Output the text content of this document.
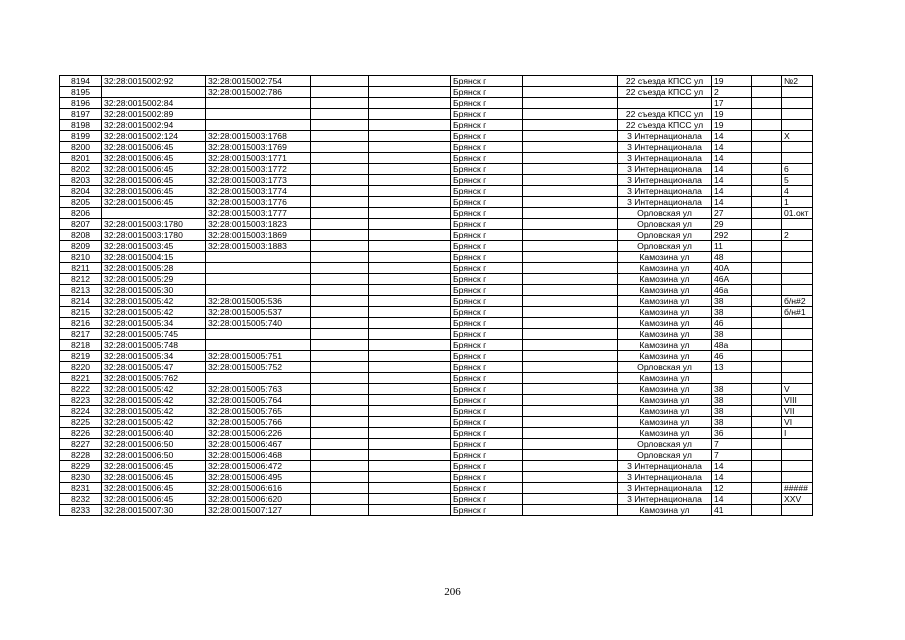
8194	32:28:0015002:92	32:28:0015002:754			Брянск г		22 съезда КПСС ул	19		№2
8195		32:28:0015002:786			Брянск г		22 съезда КПСС ул	2		
8196	32:28:0015002:84				Брянск г			17		
8197	32:28:0015002:89				Брянск г		22 съезда КПСС ул	19		
8198	32:28:0015002:94				Брянск г		22 съезда КПСС ул	19		
8199	32:28:0015002:124	32:28:0015003:1768			Брянск г		3 Интернационала	14		X
8200	32:28:0015006:45	32:28:0015003:1769			Брянск г		3 Интернационала	14		
8201	32:28:0015006:45	32:28:0015003:1771			Брянск г		3 Интернационала	14		
8202	32:28:0015006:45	32:28:0015003:1772			Брянск г		3 Интернационала	14		6
8203	32:28:0015006:45	32:28:0015003:1773			Брянск г		3 Интернационала	14		5
8204	32:28:0015006:45	32:28:0015003:1774			Брянск г		3 Интернационала	14		4
8205	32:28:0015006:45	32:28:0015003:1776			Брянск г		3 Интернационала	14		1
8206		32:28:0015003:1777			Брянск г		Орловская ул	27		01.окт
8207	32:28:0015003:1780	32:28:0015003:1823			Брянск г		Орловская ул	29		
8208	32:28:0015003:1780	32:28:0015003:1869			Брянск г		Орловская ул	292		2
8209	32:28:0015003:45	32:28:0015003:1883			Брянск г		Орловская ул	11		
8210	32:28:0015004:15				Брянск г		Камозина ул	48		
8211	32:28:0015005:28				Брянск г		Камозина ул	40А		
8212	32:28:0015005:29				Брянск г		Камозина ул	46А		
8213	32:28:0015005:30				Брянск г		Камозина ул	46а		
8214	32:28:0015005:42	32:28:0015005:536			Брянск г		Камозина ул	38		б/н#2
8215	32:28:0015005:42	32:28:0015005:537			Брянск г		Камозина ул	38		б/н#1
8216	32:28:0015005:34	32:28:0015005:740			Брянск г		Камозина ул	46		
8217	32:28:0015005:745				Брянск г		Камозина ул	38		
8218	32:28:0015005:748				Брянск г		Камозина ул	48а		
8219	32:28:0015005:34	32:28:0015005:751			Брянск г		Камозина ул	46		
8220	32:28:0015005:47	32:28:0015005:752			Брянск г		Орловская ул	13		
8221	32:28:0015005:762				Брянск г		Камозина ул			
8222	32:28:0015005:42	32:28:0015005:763			Брянск г		Камозина ул	38		V
8223	32:28:0015005:42	32:28:0015005:764			Брянск г		Камозина ул	38		VIII
8224	32:28:0015005:42	32:28:0015005:765			Брянск г		Камозина ул	38		VII
8225	32:28:0015005:42	32:28:0015005:766			Брянск г		Камозина ул	38		VI
8226	32:28:0015006:40	32:28:0015006:226			Брянск г		Камозина ул	36		I
8227	32:28:0015006:50	32:28:0015006:467			Брянск г		Орловская ул	7		
8228	32:28:0015006:50	32:28:0015006:468			Брянск г		Орловская ул	7		
8229	32:28:0015006:45	32:28:0015006:472			Брянск г		3 Интернационала	14		
8230	32:28:0015006:45	32:28:0015006:495			Брянск г		3 Интернационала	14		
8231	32:28:0015006:45	32:28:0015006:616			Брянск г		3 Интернационала	12		#####
8232	32:28:0015006:45	32:28:0015006:620			Брянск г		3 Интернационала	14		XXV
8233	32:28:0015007:30	32:28:0015007:127			Брянск г		Камозина ул	41		
206
